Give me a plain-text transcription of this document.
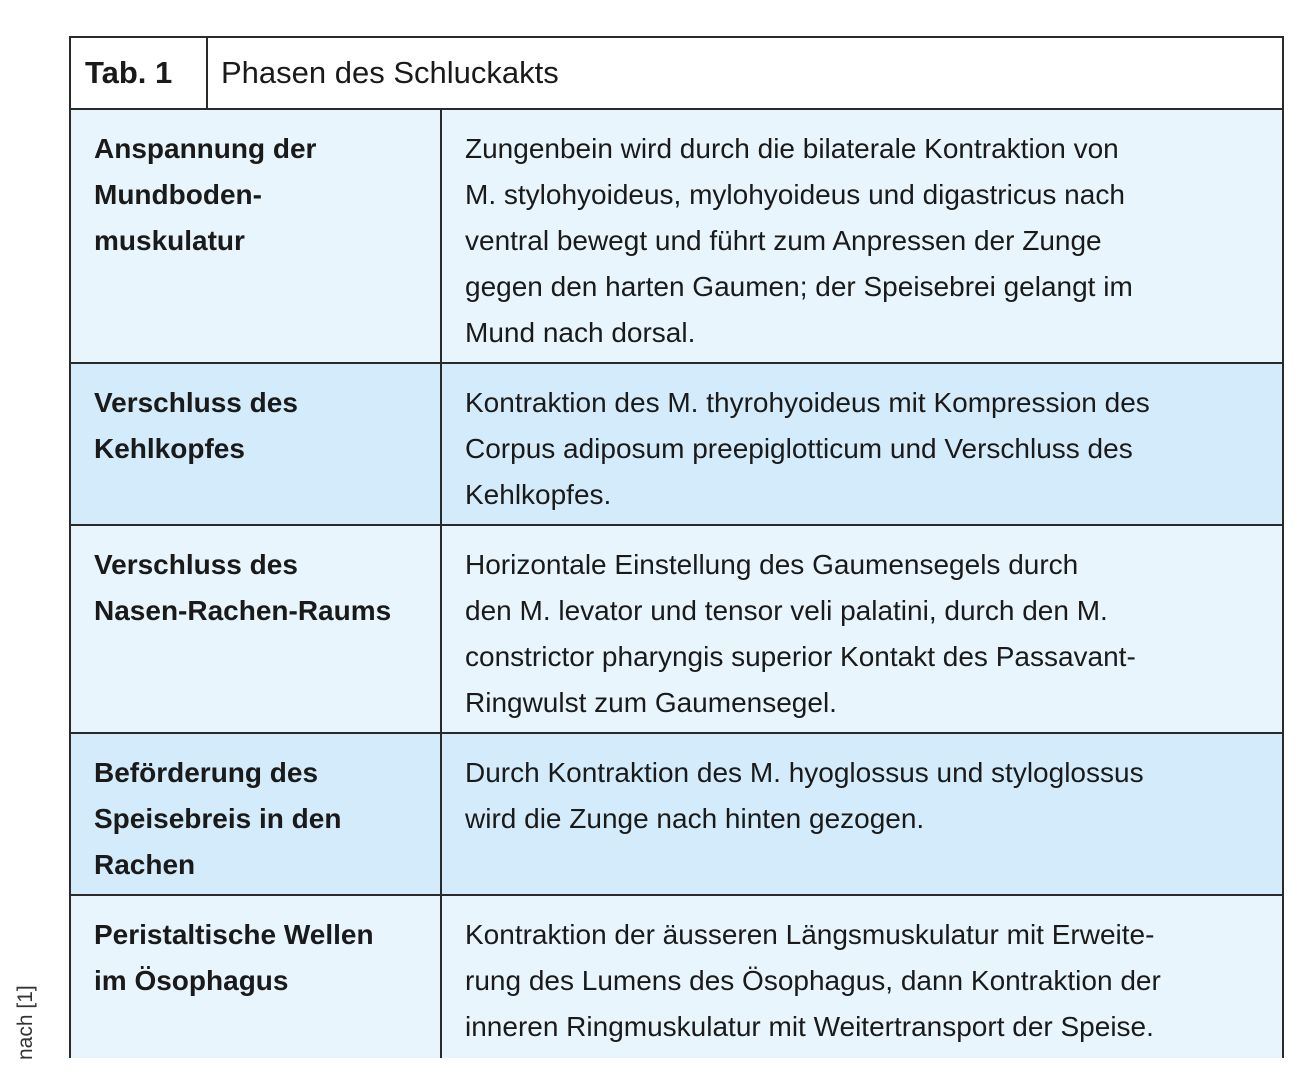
Tab. 1	Phasen des Schluckakts
Anspannung der
Mundboden-
muskulatur
Zungenbein wird durch die bilaterale Kontraktion von
M. stylohyoideus, mylohyoideus und digastricus nach
ventral bewegt und führt zum Anpressen der Zunge
gegen den harten Gaumen; der Speisebrei gelangt im
Mund nach dorsal.
Verschluss des
Kehlkopfes
Kontraktion des M. thyrohyoideus mit Kompression des
Corpus adiposum preepiglotticum und Verschluss des
Kehlkopfes.
Verschluss des
Nasen-Rachen-Raums
Horizontale Einstellung des Gaumensegels durch
den M. levator und tensor veli palatini, durch den M.
constrictor pharyngis superior Kontakt des Passavant-
Ringwulst zum Gaumensegel.
Beförderung des
Speisebreis in den
Rachen
Durch Kontraktion des M. hyoglossus und styloglossus
wird die Zunge nach hinten gezogen.
Peristaltische Wellen
im Ösophagus
Kontraktion der äusseren Längsmuskulatur mit Erweite-
rung des Lumens des Ösophagus, dann Kontraktion der
inneren Ringmuskulatur mit Weitertransport der Speise.
nach [1]
